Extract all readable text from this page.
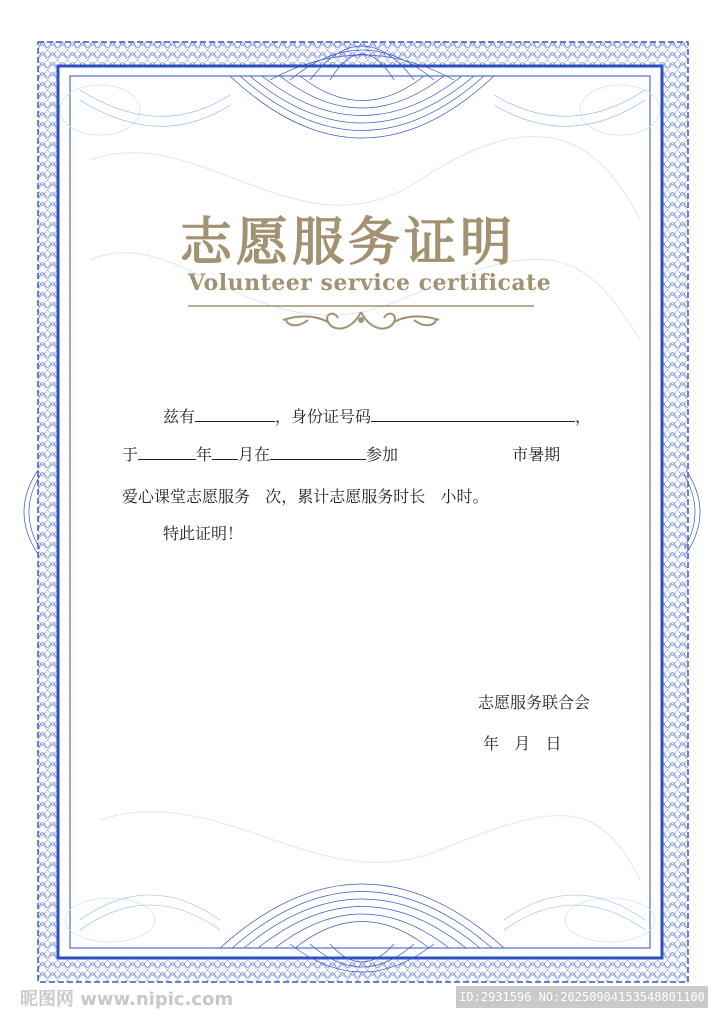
志愿服务证明
Volunteer service certificate
兹有	，身份证号码	，
于	年 月在	参加	市暑期
爱心课堂志愿服务   次，累计志愿服务时长   小时。
特此证明！
志愿服务联合会
年   月   日
昵图网 www.nipic.com	ID:2931596 NO:20250904153548801100
